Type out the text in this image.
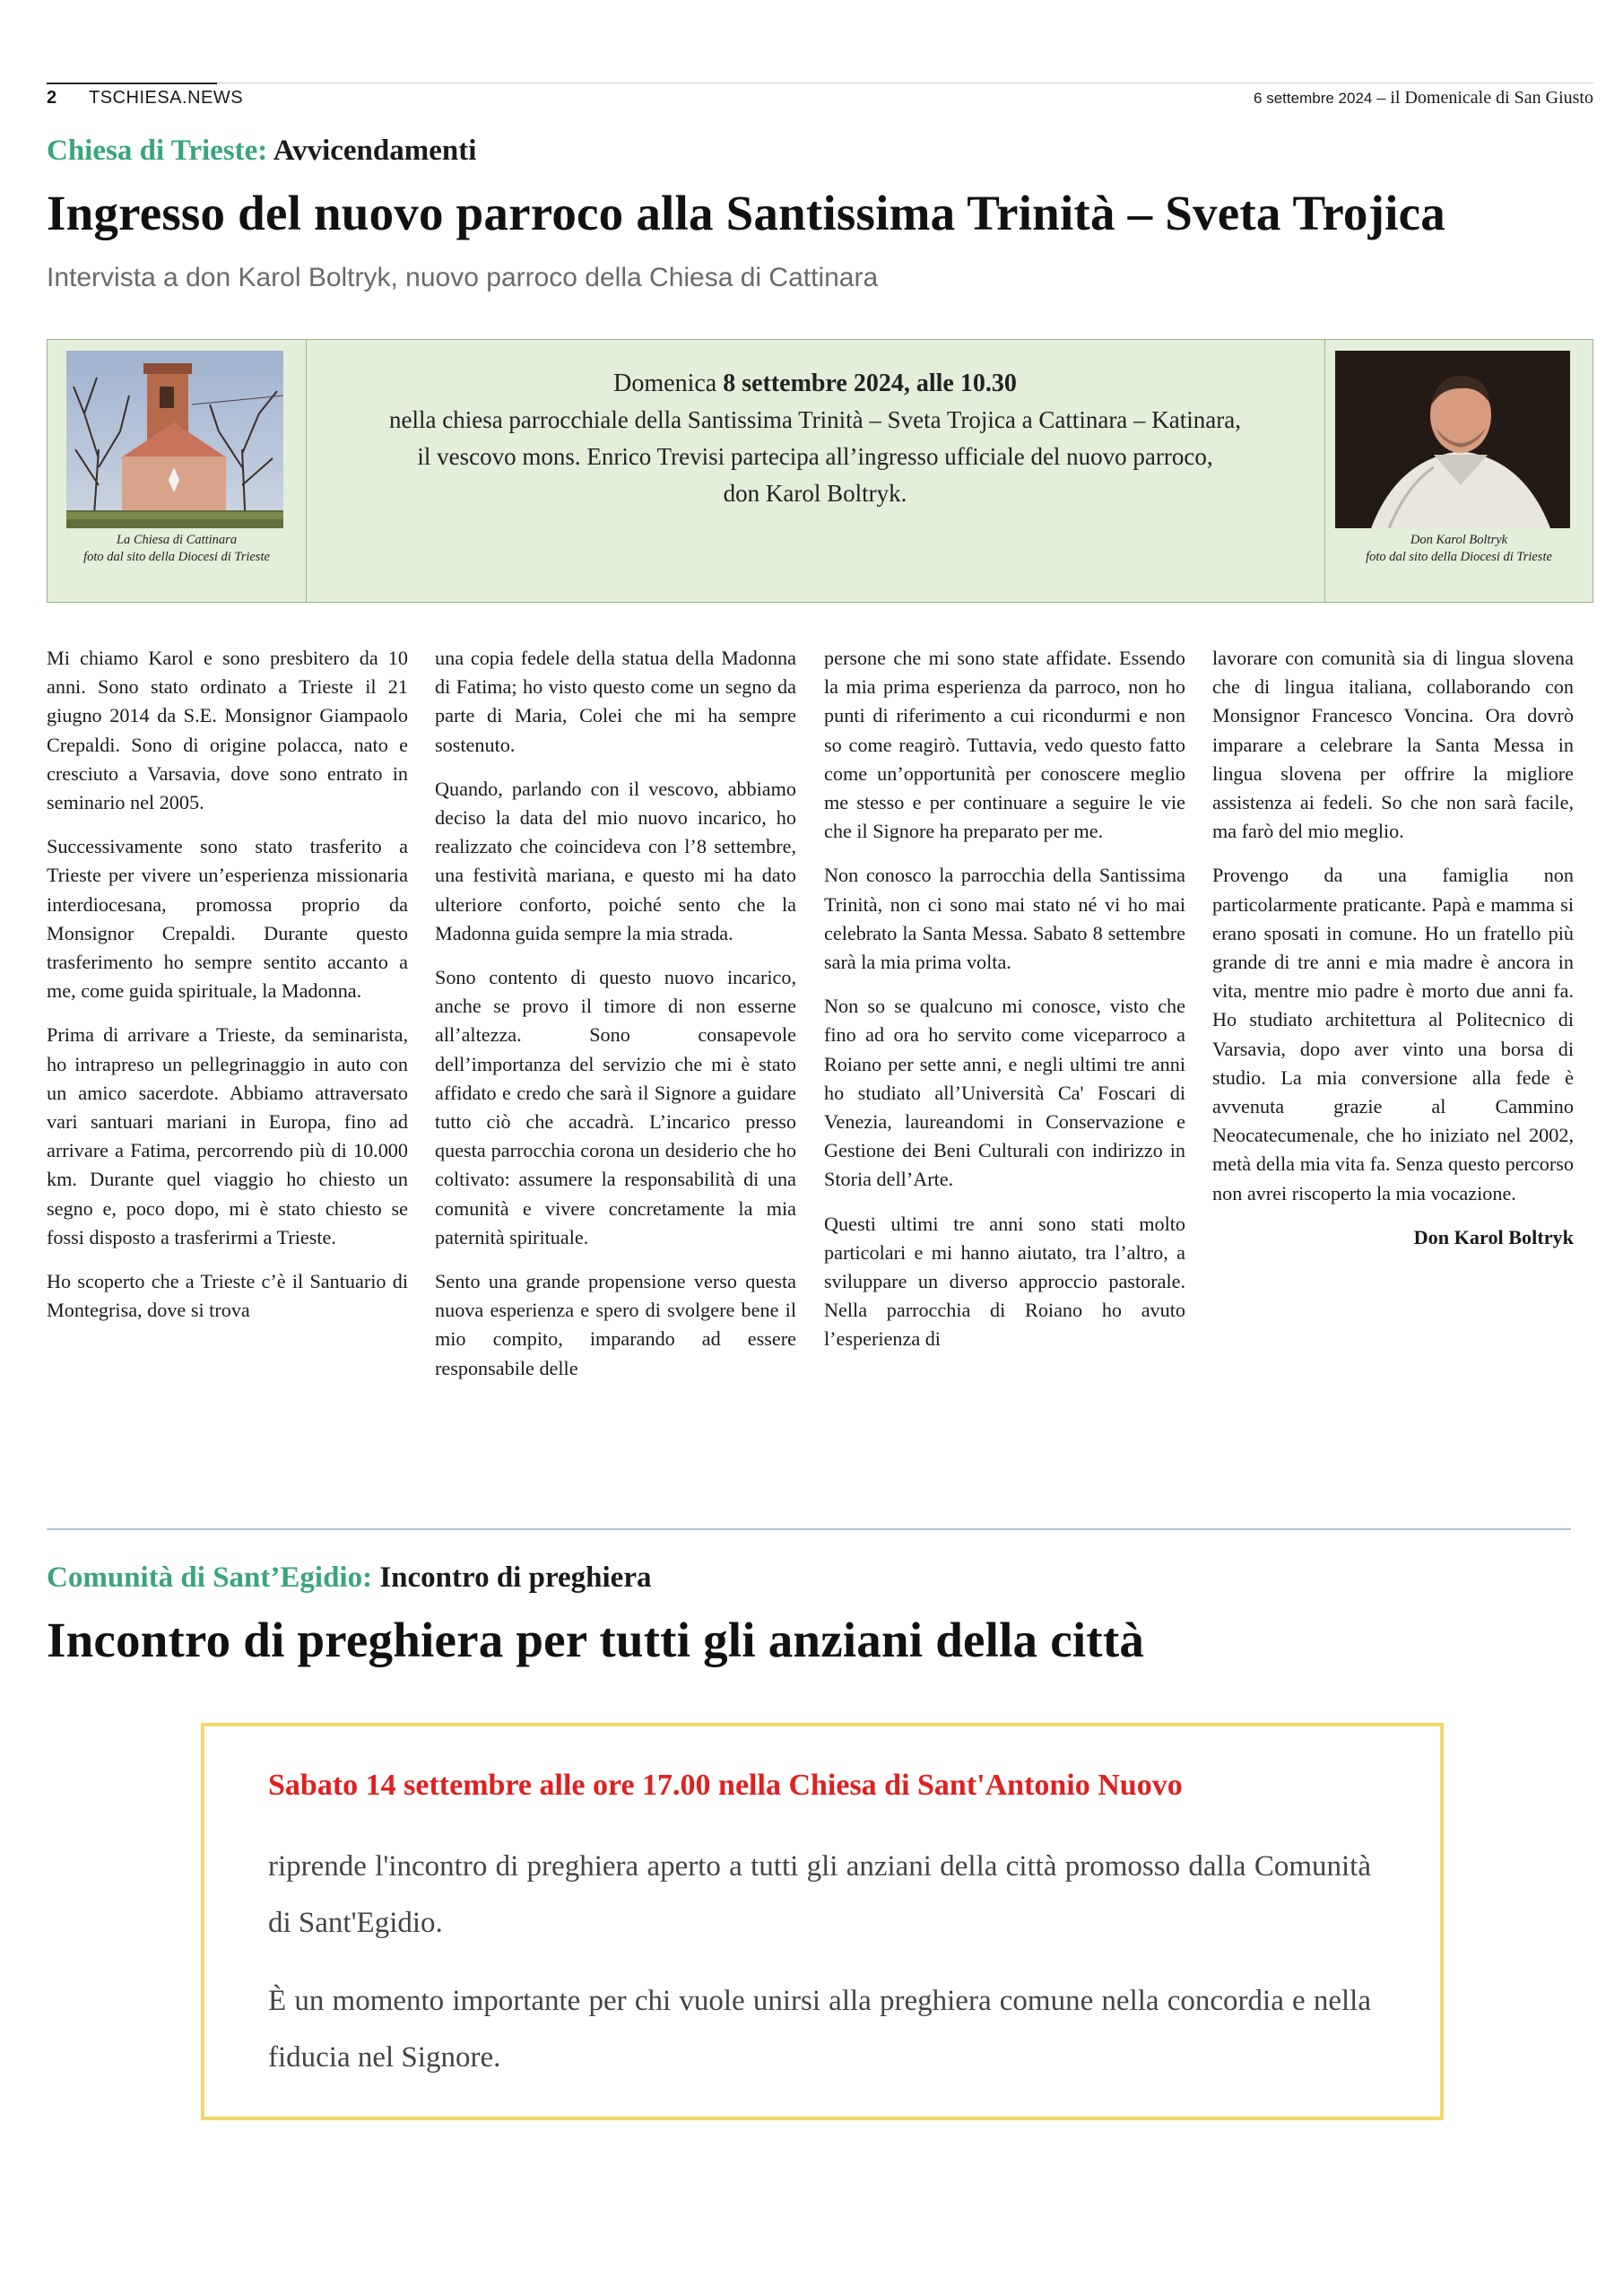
2 TSCHIESA.NEWS	6 settembre 2024 – il Domenicale di San Giusto
Chiesa di Trieste: Avvicendamenti
Ingresso del nuovo parroco alla Santissima Trinità – Sveta Trojica
Intervista a don Karol Boltryk, nuovo parroco della Chiesa di Cattinara
La Chiesa di Cattinara
foto dal sito della Diocesi di Trieste
Domenica 8 settembre 2024, alle 10.30
nella chiesa parrocchiale della Santissima Trinità – Sveta Trojica a Cattinara – Katinara,
il vescovo mons. Enrico Trevisi partecipa all’ingresso ufficiale del nuovo parroco,
don Karol Boltryk.
Don Karol Boltryk
foto dal sito della Diocesi di Trieste

Mi chiamo Karol e sono presbitero da 10 anni. Sono stato ordinato a Trieste il 21 giugno 2014 da S.E. Monsignor Giampaolo Crepaldi. Sono di origine polacca, nato e cresciuto a Varsavia, dove sono entrato in seminario nel 2005.

Successivamente sono stato trasferito a Trieste per vivere un’esperienza missionaria interdiocesana, promossa proprio da Monsignor Crepaldi. Durante questo trasferimento ho sempre sentito accanto a me, come guida spirituale, la Madonna.

Prima di arrivare a Trieste, da seminarista, ho intrapreso un pellegrinaggio in auto con un amico sacerdote. Abbiamo attraversato vari santuari mariani in Europa, fino ad arrivare a Fatima, percorrendo più di 10.000 km. Durante quel viaggio ho chiesto un segno e, poco dopo, mi è stato chiesto se fossi disposto a trasferirmi a Trieste.

Ho scoperto che a Trieste c’è il Santuario di Montegrisa, dove si trova

una copia fedele della statua della Madonna di Fatima; ho visto questo come un segno da parte di Maria, Colei che mi ha sempre sostenuto.

Quando, parlando con il vescovo, abbiamo deciso la data del mio nuovo incarico, ho realizzato che coincideva con l’8 settembre, una festività mariana, e questo mi ha dato ulteriore conforto, poiché sento che la Madonna guida sempre la mia strada.

Sono contento di questo nuovo incarico, anche se provo il timore di non esserne all’altezza. Sono consapevole dell’importanza del servizio che mi è stato affidato e credo che sarà il Signore a guidare tutto ciò che accadrà. L’incarico presso questa parrocchia corona un desiderio che ho coltivato: assumere la responsabilità di una comunità e vivere concretamente la mia paternità spirituale.

Sento una grande propensione verso questa nuova esperienza e spero di svolgere bene il mio compito, imparando ad essere responsabile delle

persone che mi sono state affidate. Essendo la mia prima esperienza da parroco, non ho punti di riferimento a cui ricondurmi e non so come reagirò. Tuttavia, vedo questo fatto come un’opportunità per conoscere meglio me stesso e per continuare a seguire le vie che il Signore ha preparato per me.

Non conosco la parrocchia della Santissima Trinità, non ci sono mai stato né vi ho mai celebrato la Santa Messa. Sabato 8 settembre sarà la mia prima volta.

Non so se qualcuno mi conosce, visto che fino ad ora ho servito come viceparroco a Roiano per sette anni, e negli ultimi tre anni ho studiato all’Università Ca' Foscari di Venezia, laureandomi in Conservazione e Gestione dei Beni Culturali con indirizzo in Storia dell’Arte.

Questi ultimi tre anni sono stati molto particolari e mi hanno aiutato, tra l’altro, a sviluppare un diverso approccio pastorale. Nella parrocchia di Roiano ho avuto l’esperienza di

lavorare con comunità sia di lingua slovena che di lingua italiana, collaborando con Monsignor Francesco Voncina. Ora dovrò imparare a celebrare la Santa Messa in lingua slovena per offrire la migliore assistenza ai fedeli. So che non sarà facile, ma farò del mio meglio.

Provengo da una famiglia non particolarmente praticante. Papà e mamma si erano sposati in comune. Ho un fratello più grande di tre anni e mia madre è ancora in vita, mentre mio padre è morto due anni fa. Ho studiato architettura al Politecnico di Varsavia, dopo aver vinto una borsa di studio. La mia conversione alla fede è avvenuta grazie al Cammino Neocatecumenale, che ho iniziato nel 2002, metà della mia vita fa. Senza questo percorso non avrei riscoperto la mia vocazione.

Don Karol Boltryk
Comunità di Sant’Egidio: Incontro di preghiera
Incontro di preghiera per tutti gli anziani della città
Sabato 14 settembre alle ore 17.00 nella Chiesa di Sant'Antonio Nuovo
riprende l'incontro di preghiera aperto a tutti gli anziani della città promosso dalla Comunità di Sant'Egidio.
È un momento importante per chi vuole unirsi alla preghiera comune nella concordia e nella fiducia nel Signore.
